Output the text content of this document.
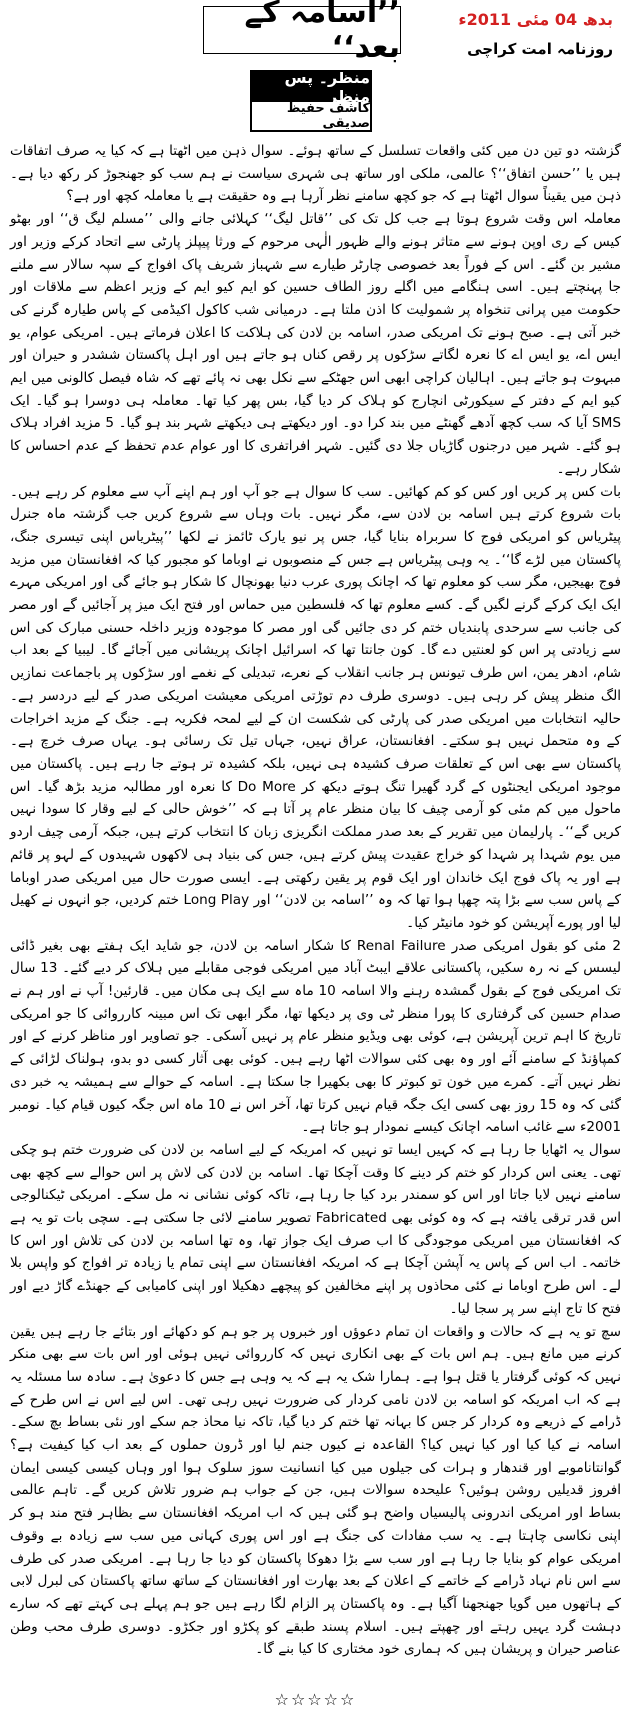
’’اسامہ کے بعد‘‘
بدھ 04 مئی 2011ء
روزنامہ امت کراچی
منظر۔ پس منظر
کاشف حفیظ صدیقی

گزشتہ دو تین دن میں کئی واقعات تسلسل کے ساتھ ہوئے۔ سوال ذہن میں اٹھتا ہے کہ کیا یہ صرف اتفاقات ہیں یا ’’حسن اتفاق‘‘؟ عالمی، ملکی اور ساتھ ہی شہری سیاست نے ہم سب کو جھنجوڑ کر رکھ دیا ہے۔ ذہن میں یقیناً سوال اٹھتا ہے کہ جو کچھ سامنے نظر آرہا ہے وہ حقیقت ہے یا معاملہ کچھ اور ہے؟

معاملہ اس وقت شروع ہوتا ہے جب کل تک کی ’’قاتل لیگ‘‘ کہلائی جانے والی ’’مسلم لیگ ق‘‘ اور بھٹو کیس کے ری اوپن ہونے سے متاثر ہونے والے ظہور الٰہی مرحوم کے ورثا پیپلز پارٹی سے اتحاد کرکے وزیر اور مشیر بن گئے۔ اس کے فوراً بعد خصوصی چارٹر طیارے سے شہباز شریف پاک افواج کے سپہ سالار سے ملنے جا پہنچتے ہیں۔ اسی ہنگامے میں اگلے روز الطاف حسین کو ایم کیو ایم کے وزیر اعظم سے ملاقات اور حکومت میں پرانی تنخواہ پر شمولیت کا اذن ملتا ہے۔ درمیانی شب کاکول اکیڈمی کے پاس طیارہ گرنے کی خبر آتی ہے۔ صبح ہونے تک امریکی صدر، اسامہ بن لادن کی ہلاکت کا اعلان فرماتے ہیں۔ امریکی عوام، یو ایس اے، یو ایس اے کا نعرہ لگاتے سڑکوں پر رقص کناں ہو جاتے ہیں اور اہل پاکستان ششدر و حیران اور مبہوت ہو جاتے ہیں۔ اہالیان کراچی ابھی اس جھٹکے سے نکل بھی نہ پائے تھے کہ شاہ فیصل کالونی میں ایم کیو ایم کے دفتر کے سیکورٹی انچارج کو ہلاک کر دیا گیا، بس پھر کیا تھا۔ معاملہ ہی دوسرا ہو گیا۔ ایک SMS آیا کہ سب کچھ آدھے گھنٹے میں بند کرا دو۔ اور دیکھتے ہی دیکھتے شہر بند ہو گیا۔ 5 مزید افراد ہلاک ہو گئے۔ شہر میں درجنوں گاڑیاں جلا دی گئیں۔ شہر افراتفری کا اور عوام عدم تحفظ کے عدم احساس کا شکار رہے۔

بات کس پر کریں اور کس کو کم کھائیں۔ سب کا سوال ہے جو آپ اور ہم اپنے آپ سے معلوم کر رہے ہیں۔ بات شروع کرتے ہیں اسامہ بن لادن سے، مگر نہیں۔ بات وہاں سے شروع کریں جب گزشتہ ماہ جنرل پیٹریاس کو امریکی فوج کا سربراہ بنایا گیا، جس پر نیو یارک ٹائمز نے لکھا ’’پیٹریاس اپنی تیسری جنگ، پاکستان میں لڑے گا‘‘۔ یہ وہی پیٹریاس ہے جس کے منصوبوں نے اوباما کو مجبور کیا کہ افغانستان میں مزید فوج بھیجیں، مگر سب کو معلوم تھا کہ اچانک پوری عرب دنیا بھونچال کا شکار ہو جائے گی اور امریکی مہرے ایک ایک کرکے گرنے لگیں گے۔ کسے معلوم تھا کہ فلسطین میں حماس اور فتح ایک میز پر آجائیں گے اور مصر کی جانب سے سرحدی پابندیاں ختم کر دی جائیں گی اور مصر کا موجودہ وزیر داخلہ حسنی مبارک کی اس سے زیادتی پر اس کو لعنتیں دے گا۔ کون جانتا تھا کہ اسرائیل اچانک پریشانی میں آجائے گا۔ لیبیا کے بعد اب شام، ادھر یمن، اس طرف تیونس ہر جانب انقلاب کے نعرے، تبدیلی کے نغمے اور سڑکوں پر باجماعت نمازیں الگ منظر پیش کر رہی ہیں۔ دوسری طرف دم توڑتی امریکی معیشت امریکی صدر کے لیے دردسر ہے۔ حالیہ انتخابات میں امریکی صدر کی پارٹی کی شکست ان کے لیے لمحہ فکریہ ہے۔ جنگ کے مزید اخراجات کے وہ متحمل نہیں ہو سکتے۔ افغانستان، عراق نہیں، جہاں تیل تک رسائی ہو۔ یہاں صرف خرچ ہے۔ پاکستان سے بھی اس کے تعلقات صرف کشیدہ ہی نہیں، بلکہ کشیدہ تر ہوتے جا رہے ہیں۔ پاکستان میں موجود امریکی ایجنٹوں کے گرد گھیرا تنگ ہوتے دیکھ کر Do More کا نعرہ اور مطالبہ مزید بڑھ گیا۔ اس ماحول میں کم مئی کو آرمی چیف کا بیان منظر عام پر آتا ہے کہ ’’خوش حالی کے لیے وقار کا سودا نہیں کریں گے‘‘۔ پارلیمان میں تقریر کے بعد صدر مملکت انگریزی زبان کا انتخاب کرتے ہیں، جبکہ آرمی چیف اردو میں یوم شہدا پر شہدا کو خراج عقیدت پیش کرتے ہیں، جس کی بنیاد ہی لاکھوں شہیدوں کے لہو پر قائم ہے اور یہ پاک فوج ایک خاندان اور ایک قوم پر یقین رکھتی ہے۔ ایسی صورت حال میں امریکی صدر اوباما کے پاس سب سے بڑا پتہ چھپا ہوا تھا کہ وہ ’’اسامہ بن لادن‘‘ اور Long Play ختم کردیں، جو انہوں نے کھیل لیا اور پورے آپریشن کو خود مانیٹر کیا۔

2 مئی کو بقول امریکی صدر Renal Failure کا شکار اسامہ بن لادن، جو شاید ایک ہفتے بھی بغیر ڈائی لیسس کے نہ رہ سکیں، پاکستانی علاقے ایبٹ آباد میں امریکی فوجی مقابلے میں ہلاک کر دیے گئے۔ 13 سال تک امریکی فوج کے بقول گمشدہ رہنے والا اسامہ 10 ماہ سے ایک ہی مکان میں۔ قارئین! آپ نے اور ہم نے صدام حسین کی گرفتاری کا پورا منظر ٹی وی پر دیکھا تھا، مگر ابھی تک اس مبینہ کارروائی کا جو امریکی تاریخ کا اہم ترین آپریشن ہے، کوئی بھی ویڈیو منظر عام پر نہیں آسکی۔ جو تصاویر اور مناظر کرنے کے اور کمپاؤنڈ کے سامنے آئے اور وہ بھی کئی سوالات اٹھا رہے ہیں۔ کوئی بھی آثار کسی دو بدو، ہولناک لڑائی کے نظر نہیں آتے۔ کمرے میں خون تو کبوتر کا بھی بکھیرا جا سکتا ہے۔ اسامہ کے حوالے سے ہمیشہ یہ خبر دی گئی کہ وہ 15 روز بھی کسی ایک جگہ قیام نہیں کرتا تھا، آخر اس نے 10 ماہ اس جگہ کیوں قیام کیا۔ نومبر 2001ء سے غائب اسامہ اچانک کیسے نمودار ہو جاتا ہے۔

سوال یہ اٹھایا جا رہا ہے کہ کہیں ایسا تو نہیں کہ امریکہ کے لیے اسامہ بن لادن کی ضرورت ختم ہو چکی تھی۔ یعنی اس کردار کو ختم کر دینے کا وقت آچکا تھا۔ اسامہ بن لادن کی لاش پر اس حوالے سے کچھ بھی سامنے نہیں لایا جاتا اور اس کو سمندر برد کیا جا رہا ہے، تاکہ کوئی نشانی نہ مل سکے۔ امریکی ٹیکنالوجی اس قدر ترقی یافتہ ہے کہ وہ کوئی بھی Fabricated تصویر سامنے لائی جا سکتی ہے۔ سچی بات تو یہ ہے کہ افغانستان میں امریکی موجودگی کا اب صرف ایک جواز تھا، وہ تھا اسامہ بن لادن کی تلاش اور اس کا خاتمہ۔ اب اس کے پاس یہ آپشن آچکا ہے کہ امریکہ افغانستان سے اپنی تمام یا زیادہ تر افواج کو واپس بلا لے۔ اس طرح اوباما نے کئی محاذوں پر اپنے مخالفین کو پیچھے دھکیلا اور اپنی کامیابی کے جھنڈے گاڑ دیے اور فتح کا تاج اپنے سر پر سجا لیا۔

سچ تو یہ ہے کہ حالات و واقعات ان تمام دعوؤں اور خبروں پر جو ہم کو دکھائے اور بتائے جا رہے ہیں یقین کرنے میں مانع ہیں۔ ہم اس بات کے بھی انکاری نہیں کہ کارروائی نہیں ہوئی اور اس بات سے بھی منکر نہیں کہ کوئی گرفتار یا قتل ہوا ہے۔ ہمارا شک یہ ہے کہ یہ وہی ہے جس کا دعویٰ ہے۔ سادہ سا مسئلہ یہ ہے کہ اب امریکہ کو اسامہ بن لادن نامی کردار کی ضرورت نہیں رہی تھی۔ اس لیے اس نے اس طرح کے ڈرامے کے ذریعے وہ کردار کر جس کا بہانہ تھا ختم کر دیا گیا، تاکہ نیا محاذ جم سکے اور نئی بساط بچ سکے۔ اسامہ نے کیا کیا اور کیا نہیں کیا؟ القاعدہ نے کیوں جنم لیا اور ڈرون حملوں کے بعد اب کیا کیفیت ہے؟ گوانتاناموبے اور قندھار و ہرات کی جیلوں میں کیا انسانیت سوز سلوک ہوا اور وہاں کیسی کیسی ایمان افروز قدیلیں روشن ہوئیں؟ علیحدہ سوالات ہیں، جن کے جواب ہم ضرور تلاش کریں گے۔ تاہم عالمی بساط اور امریکی اندرونی پالیسیاں واضح ہو گئی ہیں کہ اب امریکہ افغانستان سے بظاہر فتح مند ہو کر اپنی نکاسی چاہتا ہے۔ یہ سب مفادات کی جنگ ہے اور اس پوری کہانی میں سب سے زیادہ بے وقوف امریکی عوام کو بنایا جا رہا ہے اور سب سے بڑا دھوکا پاکستان کو دیا جا رہا ہے۔ امریکی صدر کی طرف سے اس نام نہاد ڈرامے کے خاتمے کے اعلان کے بعد بھارت اور افغانستان کے ساتھ ساتھ پاکستان کی لبرل لابی کے ہاتھوں میں گویا جھنجھنا آگیا ہے۔ وہ پاکستان پر الزام لگا رہے ہیں جو ہم پہلے ہی کہتے تھے کہ سارے دہشت گرد یہیں رہتے اور چھپتے ہیں۔ اسلام پسند طبقے کو پکڑو اور جکڑو۔ دوسری طرف محب وطن عناصر حیران و پریشان ہیں کہ ہماری خود مختاری کا کیا بنے گا۔

☆☆☆☆☆
